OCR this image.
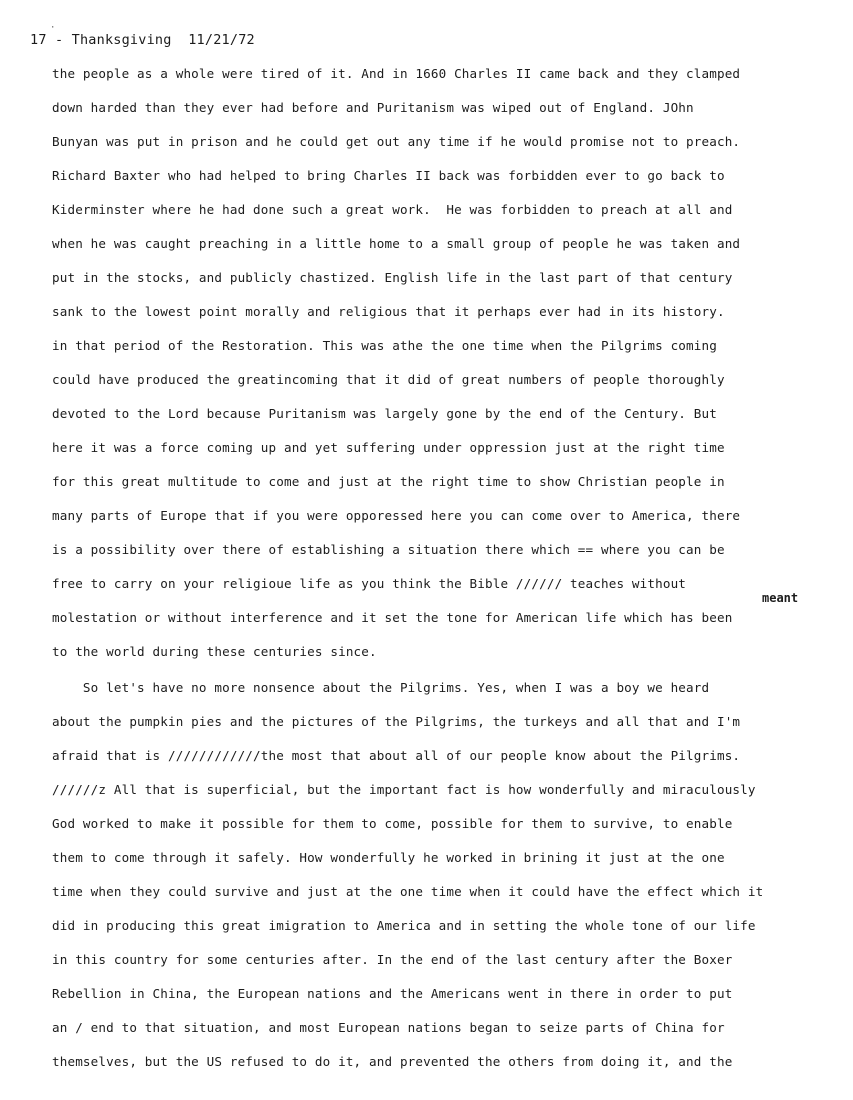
·
17 - Thanksgiving 11/21/72
meant
the people as a whole were tired of it. And in 1660 Charles II came back and they clamped
down harded than they ever had before and Puritanism was wiped out of England. JOhn
Bunyan was put in prison and he could get out any time if he would promise not to preach.
Richard Baxter who had helped to bring Charles II back was forbidden ever to go back to
Kiderminster where he had done such a great work.  He was forbidden to preach at all and
when he was caught preaching in a little home to a small group of people he was taken and
put in the stocks, and publicly chastized. English life in the last part of that century
sank to the lowest point morally and religious that it perhaps ever had in its history.
in that period of the Restoration. This was athe the one time when the Pilgrims coming
could have produced the greatincoming that it did of great numbers of people thoroughly
devoted to the Lord because Puritanism was largely gone by the end of the Century. But
here it was a force coming up and yet suffering under oppression just at the right time
for this great multitude to come and just at the right time to show Christian people in
many parts of Europe that if you were opporessed here you can come over to America, there
is a possibility over there of establishing a situation there which == where you can be
free to carry on your religioue life as you think the Bible ////// teaches without
molestation or without interference and it set the tone for American life which has been
to the world during these centuries since.
So let's have no more nonsence about the Pilgrims. Yes, when I was a boy we heard
about the pumpkin pies and the pictures of the Pilgrims, the turkeys and all that and I'm
afraid that is ////////////the most that about all of our people know about the Pilgrims.
//////z All that is superficial, but the important fact is how wonderfully and miraculously
God worked to make it possible for them to come, possible for them to survive, to enable
them to come through it safely. How wonderfully he worked in brining it just at the one
time when they could survive and just at the one time when it could have the effect which it
did in producing this great imigration to America and in setting the whole tone of our life
in this country for some centuries after. In the end of the last century after the Boxer
Rebellion in China, the European nations and the Americans went in there in order to put
an / end to that situation, and most European nations began to seize parts of China for
themselves, but the US refused to do it, and prevented the others from doing it, and the
